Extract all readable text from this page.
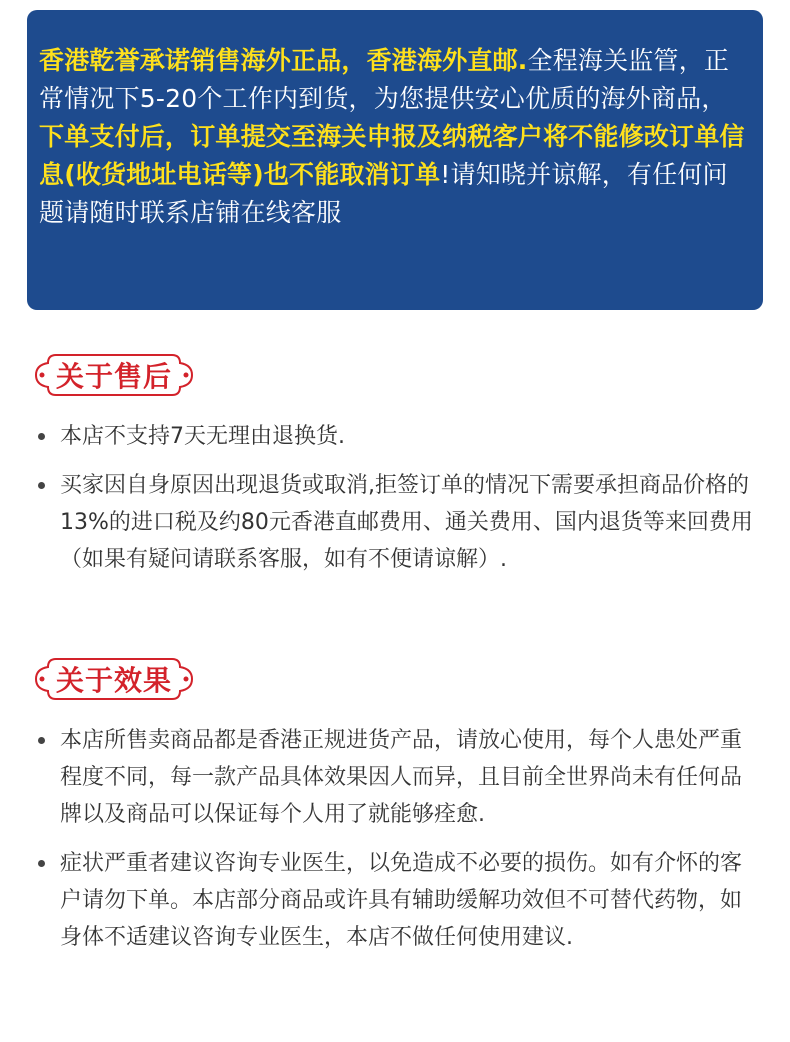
香港乾誉承诺销售海外正品，香港海外直邮.全程海关监管，正常情况下5-20个工作内到货，为您提供安心优质的海外商品，下单支付后，订单提交至海关申报及纳税客户将不能修改订单信息(收货地址电话等)也不能取消订单!请知晓并谅解，有任何问题请随时联系店铺在线客服

关于售后
本店不支持7天无理由退换货.
买家因自身原因出现退货或取消,拒签订单的情况下需要承担商品价格的13%的进口税及约80元香港直邮费用、通关费用、国内退货等来回费用（如果有疑问请联系客服，如有不便请谅解）.
关于效果
本店所售卖商品都是香港正规进货产品，请放心使用，每个人患处严重程度不同，每一款产品具体效果因人而异，且目前全世界尚未有任何品牌以及商品可以保证每个人用了就能够痊愈.
症状严重者建议咨询专业医生，以免造成不必要的损伤。如有介怀的客户请勿下单。本店部分商品或许具有辅助缓解功效但不可替代药物，如身体不适建议咨询专业医生，本店不做任何使用建议.
